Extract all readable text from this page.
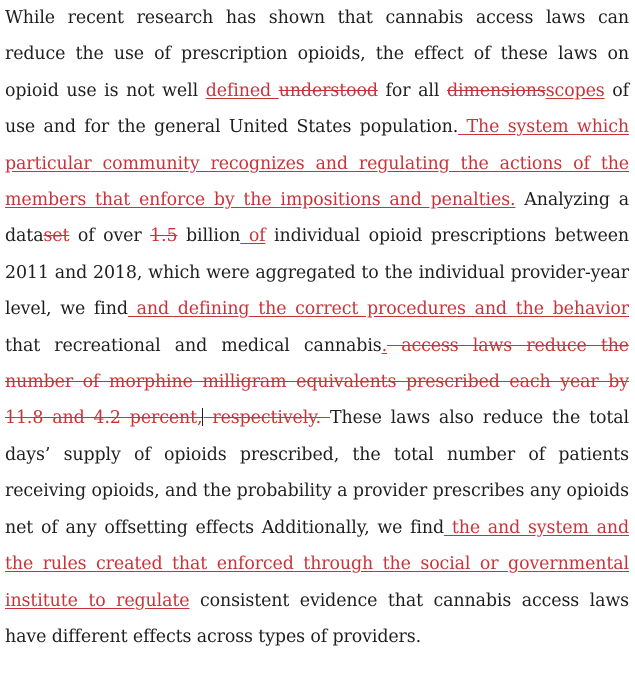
While recent research has shown that cannabis access laws can reduce the use of prescription opioids, the effect of these laws on opioid use is not well defined understood for all dimensionsscopes of use and for the general United States population. The system which particular community recognizes and regulating the actions of the members that enforce by the impositions and penalties. Analyzing a dataset of over 1.5 billion of individual opioid prescriptions between 2011 and 2018, which were aggregated to the individual provider-year level, we find and defining the correct procedures and the behavior that recreational and medical cannabis. access laws reduce the number of morphine milligram equivalents prescribed each year by 11.8 and 4.2 percent, respectively. These laws also reduce the total days’ supply of opioids prescribed, the total number of patients receiving opioids, and the probability a provider prescribes any opioids net of any offsetting effects Additionally, we find the and system and the rules created that enforced through the social or governmental institute to regulate consistent evidence that cannabis access laws have different effects across types of providers.
